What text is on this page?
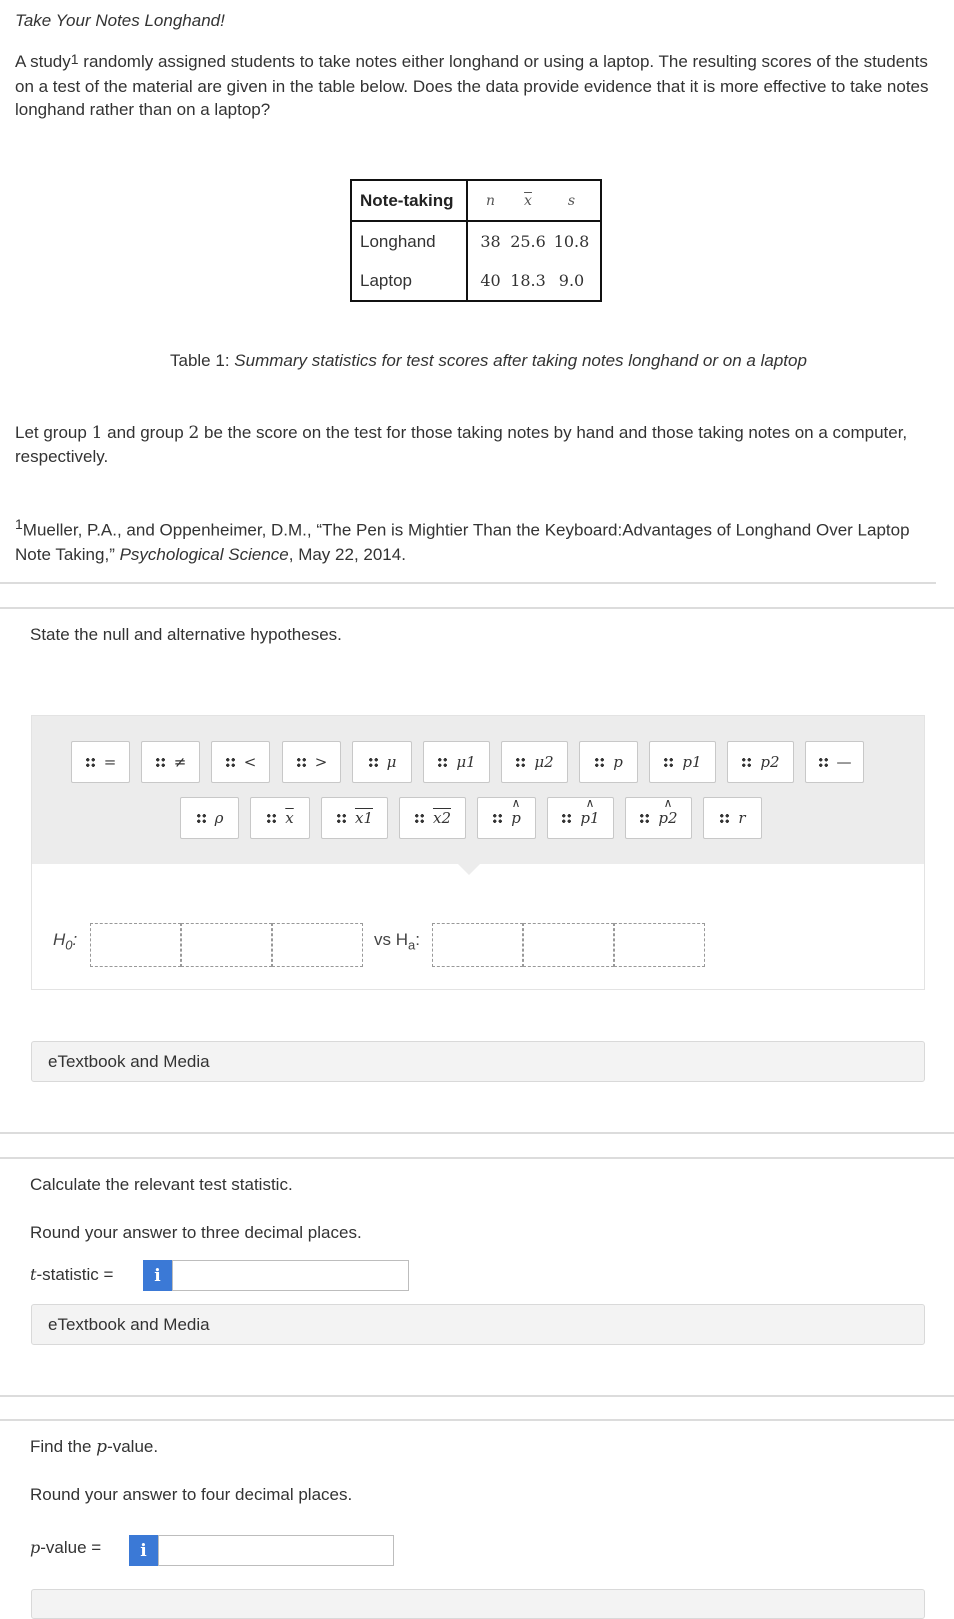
Take Your Notes Longhand!
A study$^1$ randomly assigned students to take notes either longhand or using a laptop. The resulting scores of the students on a test of the material are given in the table below. Does the data provide evidence that it is more effective to take notes longhand rather than on a laptop?
Note-taking	n	$\overline{x}$	s
Longhand	38	25.6	10.8
Laptop	40	18.3	9.0
Table 1: Summary statistics for test scores after taking notes longhand or on a laptop
Let group 1 and group 2 be the score on the test for those taking notes by hand and those taking notes on a computer, respectively.
$^1$Mueller, P.A., and Oppenheimer, D.M., “The Pen is Mightier Than the Keyboard:Advantages of Longhand Over Laptop Note Taking,” Psychological Science, May 22, 2014.
State the null and alternative hypotheses.
=	≠	<	>	μ	μ1	μ2	p	p1	p2	—
ρ	$\overline{x}$	x1	x2	∧ p	∧ p1	∧ p2	r
$H_0$:	vs $H_a$:
eTextbook and Media
Calculate the relevant test statistic.
Round your answer to three decimal places.
t-statistic =	i
eTextbook and Media
Find the p-value.
Round your answer to four decimal places.
p-value =	i
